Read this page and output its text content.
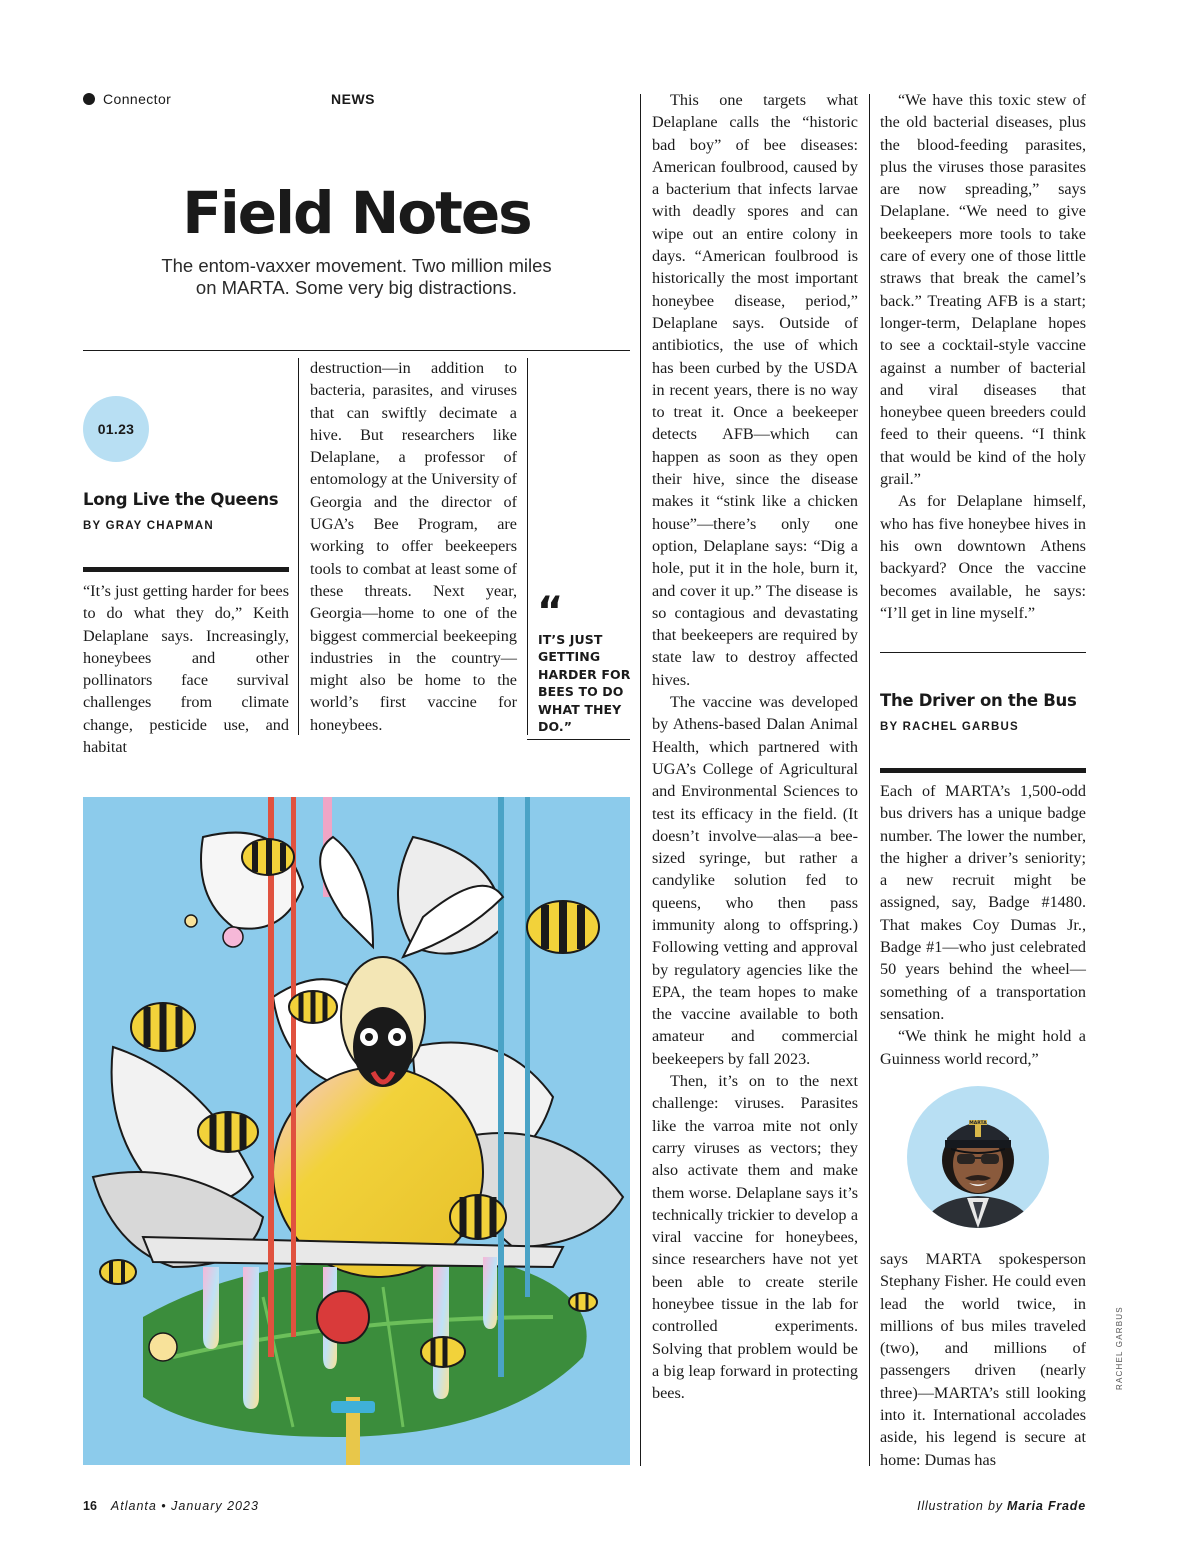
Connector	NEWS
Field Notes
The entom-vaxxer movement. Two million miles
on MARTA. Some very big distractions.
01.23
Long Live the Queens
BY GRAY CHAPMAN

“It’s just getting harder for bees to do what they do,” Keith Delaplane says. Increasingly, honeybees and other pollinators face survival challenges from climate change, pesticide use, and habitat

destruction—in addition to bacteria, parasites, and viruses that can swiftly decimate a hive. But researchers like Delaplane, a professor of entomology at the University of Georgia and the director of UGA’s Bee Program, are working to offer beekeepers tools to combat at least some of these threats. Next year, Georgia—home to one of the biggest commercial beekeeping industries in the country—might also be home to the world’s first vaccine for honeybees.

“
IT’S JUST GETTING HARDER FOR BEES TO DO WHAT THEY DO.”

This one targets what Delaplane calls the “historic bad boy” of bee diseases: American foulbrood, caused by a bacterium that infects larvae with deadly spores and can wipe out an entire colony in days. “American foulbrood is historically the most important honeybee disease, period,” Delaplane says. Outside of antibiotics, the use of which has been curbed by the USDA in recent years, there is no way to treat it. Once a beekeeper detects AFB—which can happen as soon as they open their hive, since the disease makes it “stink like a chicken house”—there’s only one option, Delaplane says: “Dig a hole, put it in the hole, burn it, and cover it up.” The disease is so contagious and devastating that beekeepers are required by state law to destroy affected hives.

The vaccine was developed by Athens-based Dalan Animal Health, which partnered with UGA’s College of Agricultural and Environmental Sciences to test its efficacy in the field. (It doesn’t involve—alas—a bee-sized syringe, but rather a candylike solution fed to queens, who then pass immunity along to offspring.) Following vetting and approval by regulatory agencies like the EPA, the team hopes to make the vaccine available to both amateur and commercial beekeepers by fall 2023.

Then, it’s on to the next challenge: viruses. Parasites like the varroa mite not only carry viruses as vectors; they also activate them and make them worse. Delaplane says it’s technically trickier to develop a viral vaccine for honeybees, since researchers have not yet been able to create sterile honeybee tissue in the lab for controlled experiments. Solving that problem would be a big leap forward in protecting bees.

“We have this toxic stew of the old bacterial diseases, plus the blood-feeding parasites, plus the viruses those parasites are now spreading,” says Delaplane. “We need to give beekeepers more tools to take care of every one of those little straws that break the camel’s back.” Treating AFB is a start; longer-term, Delaplane hopes to see a cocktail-style vaccine against a number of bacterial and viral diseases that honeybee queen breeders could feed to their queens. “I think that would be kind of the holy grail.”

As for Delaplane himself, who has five honeybee hives in his own downtown Athens backyard? Once the vaccine becomes available, he says: “I’ll get in line myself.”

The Driver on the Bus
BY RACHEL GARBUS

Each of MARTA’s 1,500-odd bus drivers has a unique badge number. The lower the number, the higher a driver’s seniority; a new recruit might be assigned, say, Badge #1480. That makes Coy Dumas Jr., Badge #1—who just celebrated 50 years behind the wheel—something of a transportation sensation.

“We think he might hold a Guinness world record,”

MARTA

says MARTA spokesperson Stephany Fisher. He could even lead the world twice, in millions of bus miles traveled (two), and millions of passengers driven (nearly three)—MARTA’s still looking into it. International accolades aside, his legend is secure at home: Dumas has

RACHEL GARBUS
16 Atlanta • January 2023	Illustration by Maria Frade
